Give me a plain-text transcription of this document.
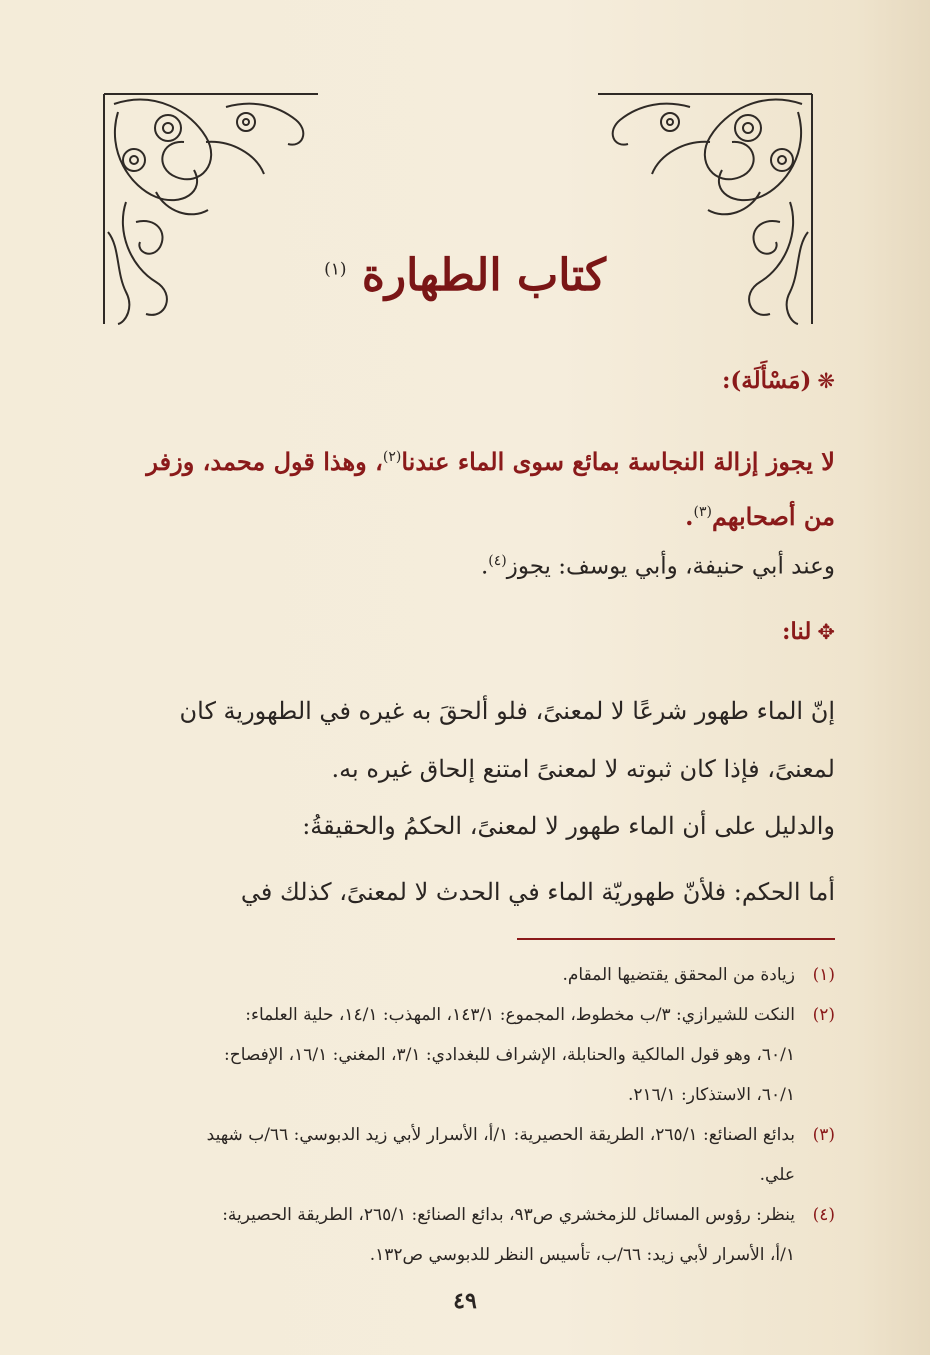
كتاب الطهارة $^{(١)}$
❋(مَسْأَلَة):
لا يجوز إزالة النجاسة بمائع سوى الماء عندنا$^{(٢)}$، وهذا قول محمد، وزفر
من أصحابهم$^{(٣)}$.
وعند أبي حنيفة، وأبي يوسف: يجوز$^{(٤)}$.
✥لنا:
إنّ الماء طهور شرعًا لا لمعنىً، فلو ألحقَ به غيره في الطهورية كان
لمعنىً، فإذا كان ثبوته لا لمعنىً امتنع إلحاق غيره به.
والدليل على أن الماء طهور لا لمعنىً، الحكمُ والحقيقةُ:
أما الحكم: فلأنّ طهوريّة الماء في الحدث لا لمعنىً، كذلك في
(١)
زيادة من المحقق يقتضيها المقام.
(٢)
النكت للشيرازي: ٣/ب مخطوط، المجموع: ١٤٣/١، المهذب: ١٤/١، حلية العلماء:
٦٠/١، وهو قول المالكية والحنابلة، الإشراف للبغدادي: ٣/١، المغني: ١٦/١، الإفصاح:
٦٠/١، الاستذكار: ٢١٦/١.
(٣)
بدائع الصنائع: ٢٦٥/١، الطريقة الحصيرية: ١/أ، الأسرار لأبي زيد الدبوسي: ٦٦/ب شهيد
علي.
(٤)
ينظر: رؤوس المسائل للزمخشري ص٩٣، بدائع الصنائع: ٢٦٥/١، الطريقة الحصيرية:
١/أ، الأسرار لأبي زيد: ٦٦/ب، تأسيس النظر للدبوسي ص١٣٢.
٤٩
